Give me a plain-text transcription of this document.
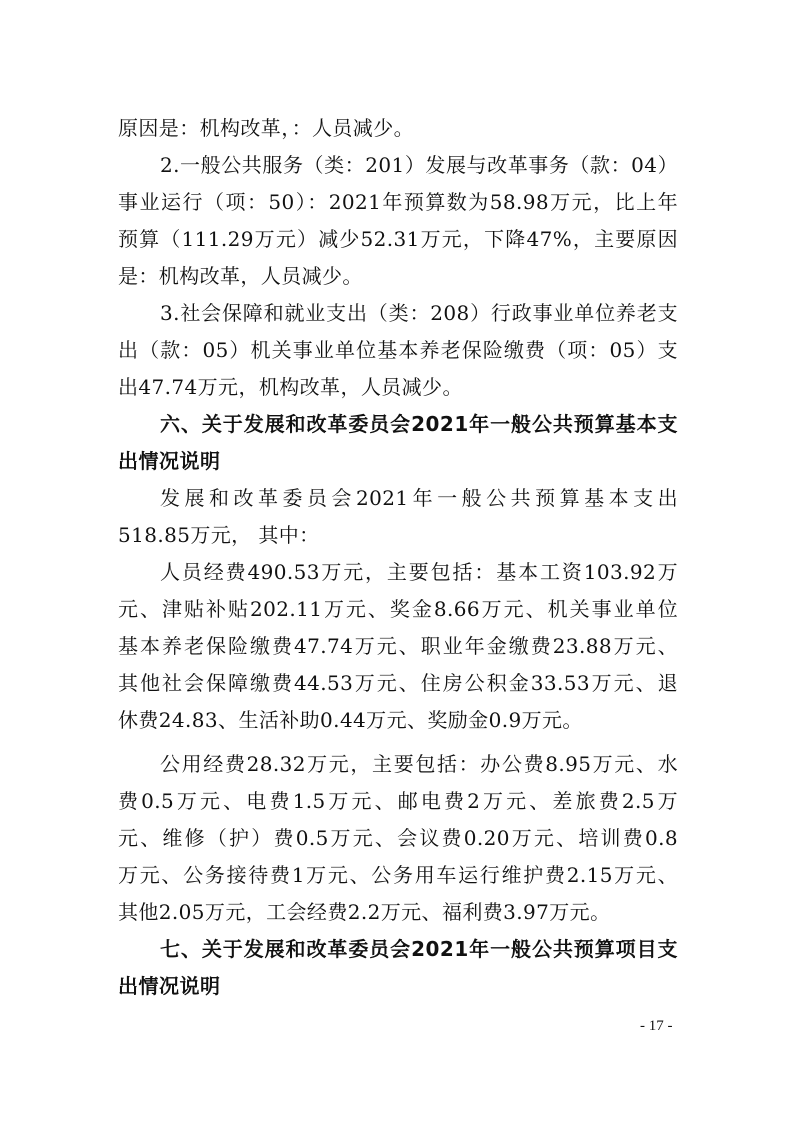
原因是：机构改革，：人员减少。
2.一般公共服务（类：201）发展与改革事务（款：04）
事业运行（项：50）：2021年预算数为58.98万元，比上年
预算（111.29万元）减少52.31万元，下降47%，主要原因
是：机构改革，人员减少。
3.社会保障和就业支出（类：208）行政事业单位养老支
出（款：05）机关事业单位基本养老保险缴费（项：05）支
出47.74万元，机构改革，人员减少。
六、关于发展和改革委员会2021年一般公共预算基本支
出情况说明
发展和改革委员会2021年一般公共预算基本支出
518.85万元， 其中：
人员经费490.53万元，主要包括：基本工资103.92万
元、津贴补贴202.11万元、奖金8.66万元、机关事业单位
基本养老保险缴费47.74万元、职业年金缴费23.88万元、
其他社会保障缴费44.53万元、住房公积金33.53万元、退
休费24.83、生活补助0.44万元、奖励金0.9万元。
公用经费28.32万元，主要包括：办公费8.95万元、水
费0.5万元、电费1.5万元、邮电费2万元、差旅费2.5万
元、维修（护）费0.5万元、会议费0.20万元、培训费0.8
万元、公务接待费1万元、公务用车运行维护费2.15万元、
其他2.05万元，工会经费2.2万元、福利费3.97万元。
七、关于发展和改革委员会2021年一般公共预算项目支
出情况说明
- 17 -
